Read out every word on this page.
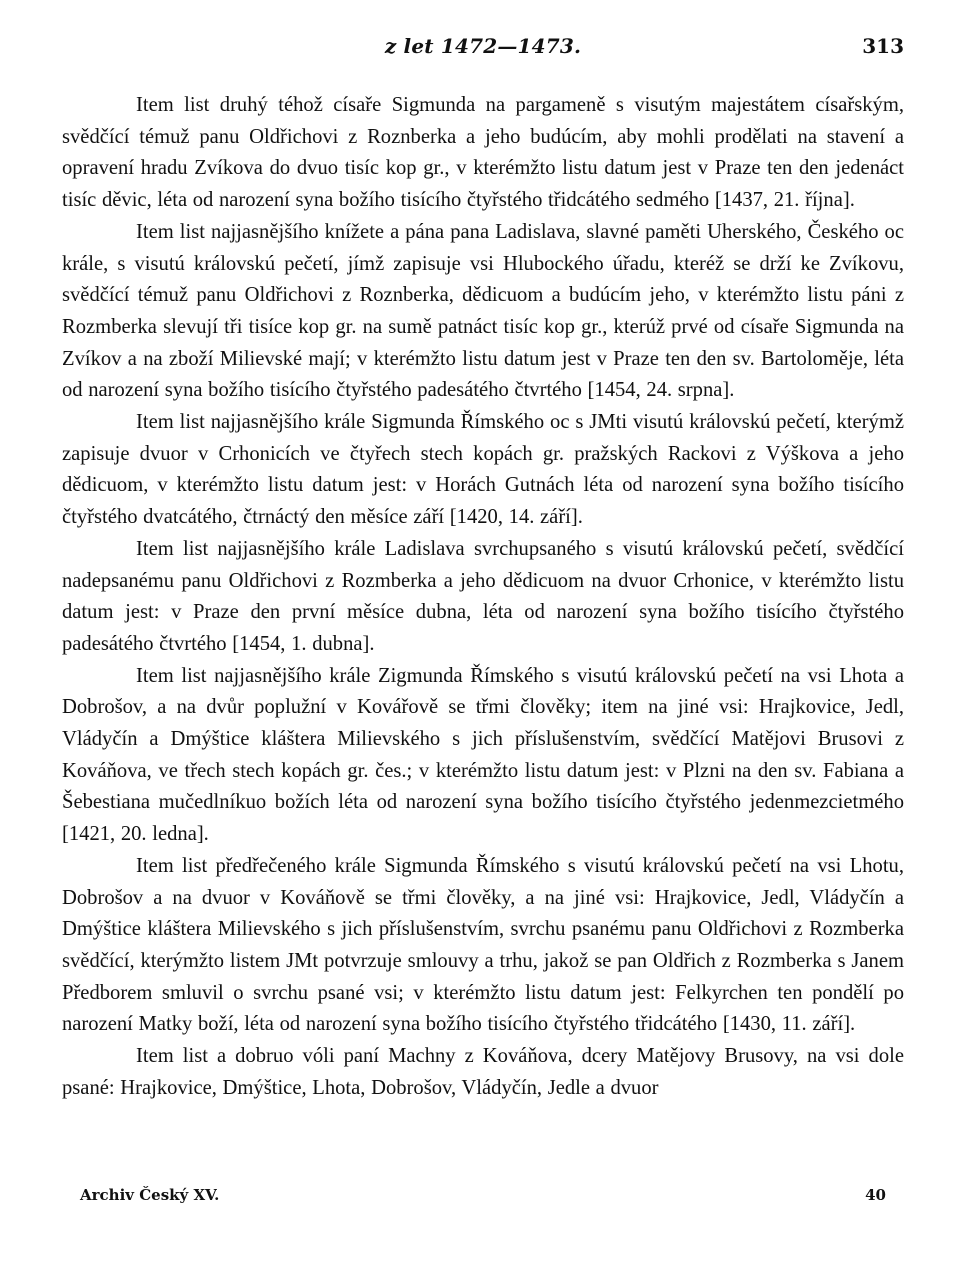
z let 1472—1473.	313

Item list druhý téhož císaře Sigmunda na pargameně s visutým majestátem císařským, svědčící témuž panu Oldřichovi z Roznberka a jeho budúcím, aby mohli prodělati na stavení a opravení hradu Zvíkova do dvuo tisíc kop gr., v kterémžto listu datum jest v Praze ten den jedenáct tisíc děvic, léta od narození syna božího tisícího čtyřstého třidcátého sedmého [1437, 21. října].

Item list najjasnějšího knížete a pána pana Ladislava, slavné paměti Uherského, Českého oc krále, s visutú královskú pečetí, jímž zapisuje vsi Hlubockého úřadu, kteréž se drží ke Zvíkovu, svědčící témuž panu Oldřichovi z Roznberka, dědicuom a budúcím jeho, v kterémžto listu páni z Rozmberka slevují tři tisíce kop gr. na sumě patnáct tisíc kop gr., kterúž prvé od císaře Sigmunda na Zvíkov a na zboží Milievské mají; v kterémžto listu datum jest v Praze ten den sv. Bartoloměje, léta od narození syna božího tisícího čtyřstého padesátého čtvrtého [1454, 24. srpna].

Item list najjasnějšího krále Sigmunda Římského oc s JMti visutú královskú pečetí, kterýmž zapisuje dvuor v Crhonicích ve čtyřech stech kopách gr. pražských Rackovi z Výškova a jeho dědicuom, v kterémžto listu datum jest: v Horách Gutnách léta od narození syna božího tisícího čtyřstého dvatcátého, čtrnáctý den měsíce září [1420, 14. září].

Item list najjasnějšího krále Ladislava svrchupsaného s visutú královskú pečetí, svědčící nadepsanému panu Oldřichovi z Rozmberka a jeho dědicuom na dvuor Crhonice, v kterémžto listu datum jest: v Praze den první měsíce dubna, léta od narození syna božího tisícího čtyřstého padesátého čtvrtého [1454, 1. dubna].

Item list najjasnějšího krále Zigmunda Římského s visutú královskú pečetí na vsi Lhota a Dobrošov, a na dvůr poplužní v Kovářově se třmi člověky; item na jiné vsi: Hrajkovice, Jedl, Vládyčín a Dmýštice kláštera Milievského s jich příslušenstvím, svědčící Matějovi Brusovi z Kováňova, ve třech stech kopách gr. čes.; v kterémžto listu datum jest: v Plzni na den sv. Fabiana a Šebestiana mučedlníkuo božích léta od narození syna božího tisícího čtyřstého jedenmezcietmého [1421, 20. ledna].

Item list předřečeného krále Sigmunda Římského s visutú královskú pečetí na vsi Lhotu, Dobrošov a na dvuor v Kováňově se třmi člověky, a na jiné vsi: Hrajkovice, Jedl, Vládyčín a Dmýštice kláštera Milievského s jich příslušenstvím, svrchu psanému panu Oldřichovi z Rozmberka svědčící, kterýmžto listem JMt potvrzuje smlouvy a trhu, jakož se pan Oldřich z Rozmberka s Janem Předborem smluvil o svrchu psané vsi; v kterémžto listu datum jest: Felkyrchen ten pondělí po narození Matky boží, léta od narození syna božího tisícího čtyřstého třidcátého [1430, 11. září].

Item list a dobruo vóli paní Machny z Kováňova, dcery Matějovy Brusovy, na vsi dole psané: Hrajkovice, Dmýštice, Lhota, Dobrošov, Vládyčín, Jedle a dvuor

Archiv Český XV.	40
